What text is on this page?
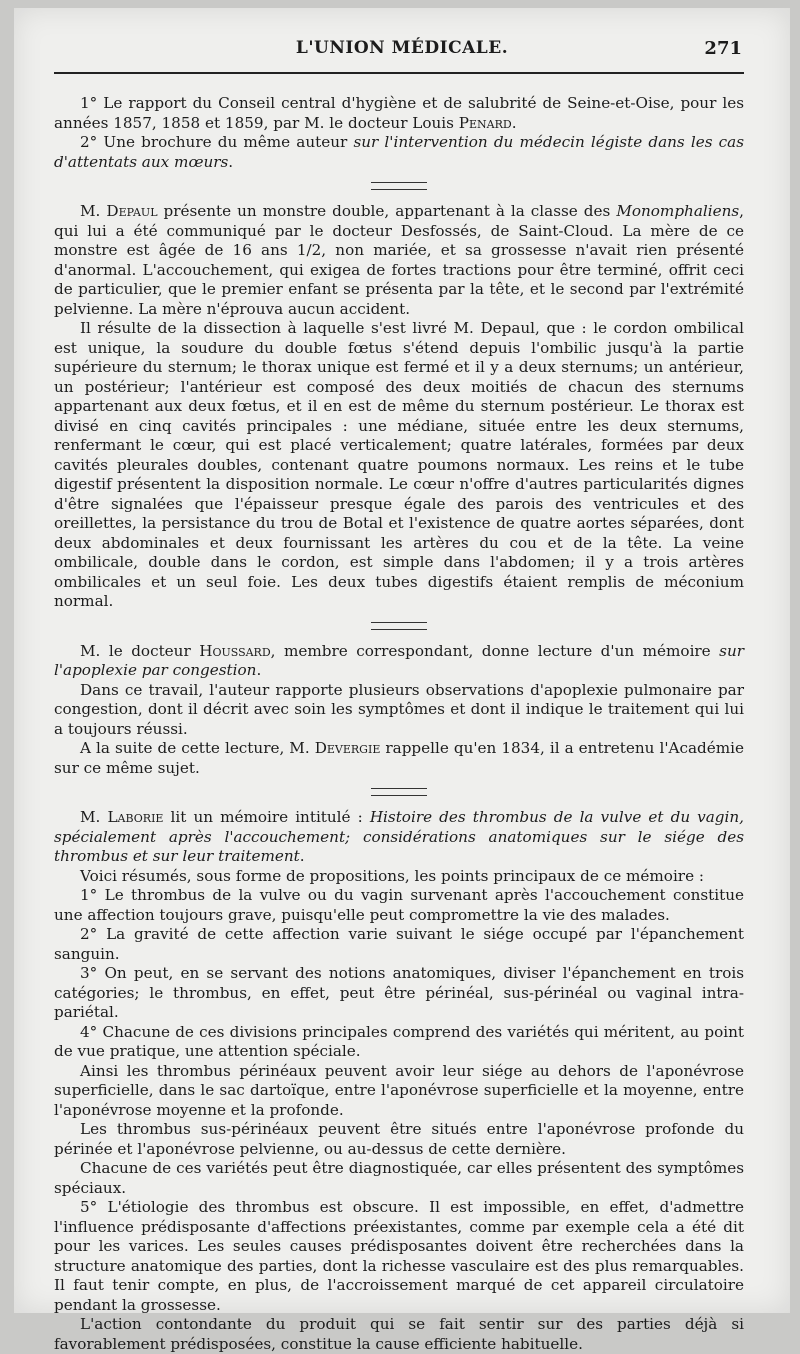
L'UNION MÉDICALE.	271

1° Le rapport du Conseil central d'hygiène et de salubrité de Seine-et-Oise, pour les années 1857, 1858 et 1859, par M. le docteur Louis Penard.

2° Une brochure du même auteur sur l'intervention du médecin légiste dans les cas d'attentats aux mœurs.

M. Depaul présente un monstre double, appartenant à la classe des Monomphaliens, qui lui a été communiqué par le docteur Desfossés, de Saint-Cloud. La mère de ce monstre est âgée de 16 ans 1/2, non mariée, et sa grossesse n'avait rien présenté d'anormal. L'accouchement, qui exigea de fortes tractions pour être terminé, offrit ceci de particulier, que le premier enfant se présenta par la tête, et le second par l'extrémité pelvienne. La mère n'éprouva aucun accident.

Il résulte de la dissection à laquelle s'est livré M. Depaul, que : le cordon ombilical est unique, la soudure du double fœtus s'étend depuis l'ombilic jusqu'à la partie supérieure du sternum; le thorax unique est fermé et il y a deux sternums; un antérieur, un postérieur; l'antérieur est composé des deux moitiés de chacun des sternums appartenant aux deux fœtus, et il en est de même du sternum postérieur. Le thorax est divisé en cinq cavités principales : une médiane, située entre les deux sternums, renfermant le cœur, qui est placé verticalement; quatre latérales, formées par deux cavités pleurales doubles, contenant quatre poumons normaux. Les reins et le tube digestif présentent la disposition normale. Le cœur n'offre d'autres particularités dignes d'être signalées que l'épaisseur presque égale des parois des ventricules et des oreillettes, la persistance du trou de Botal et l'existence de quatre aortes séparées, dont deux abdominales et deux fournissant les artères du cou et de la tête. La veine ombilicale, double dans le cordon, est simple dans l'abdomen; il y a trois artères ombilicales et un seul foie. Les deux tubes digestifs étaient remplis de méconium normal.

M. le docteur Houssard, membre correspondant, donne lecture d'un mémoire sur l'apoplexie par congestion.

Dans ce travail, l'auteur rapporte plusieurs observations d'apoplexie pulmonaire par congestion, dont il décrit avec soin les symptômes et dont il indique le traitement qui lui a toujours réussi.

A la suite de cette lecture, M. Devergie rappelle qu'en 1834, il a entretenu l'Académie sur ce même sujet.

M. Laborie lit un mémoire intitulé : Histoire des thrombus de la vulve et du vagin, spécialement après l'accouchement; considérations anatomiques sur le siége des thrombus et sur leur traitement.

Voici résumés, sous forme de propositions, les points principaux de ce mémoire :

1° Le thrombus de la vulve ou du vagin survenant après l'accouchement constitue une affection toujours grave, puisqu'elle peut compromettre la vie des malades.

2° La gravité de cette affection varie suivant le siége occupé par l'épanchement sanguin.

3° On peut, en se servant des notions anatomiques, diviser l'épanchement en trois catégories; le thrombus, en effet, peut être périnéal, sus-périnéal ou vaginal intra-pariétal.

4° Chacune de ces divisions principales comprend des variétés qui méritent, au point de vue pratique, une attention spéciale.

Ainsi les thrombus périnéaux peuvent avoir leur siége au dehors de l'aponévrose superficielle, dans le sac dartoïque, entre l'aponévrose superficielle et la moyenne, entre l'aponévrose moyenne et la profonde.

Les thrombus sus-périnéaux peuvent être situés entre l'aponévrose profonde du périnée et l'aponévrose pelvienne, ou au-dessus de cette dernière.

Chacune de ces variétés peut être diagnostiquée, car elles présentent des symptômes spéciaux.

5° L'étiologie des thrombus est obscure. Il est impossible, en effet, d'admettre l'influence prédisposante d'affections préexistantes, comme par exemple cela a été dit pour les varices. Les seules causes prédisposantes doivent être recherchées dans la structure anatomique des parties, dont la richesse vasculaire est des plus remarquables. Il faut tenir compte, en plus, de l'accroissement marqué de cet appareil circulatoire pendant la grossesse.

L'action contondante du produit qui se fait sentir sur des parties déjà si favorablement prédisposées, constitue la cause efficiente habituelle.
